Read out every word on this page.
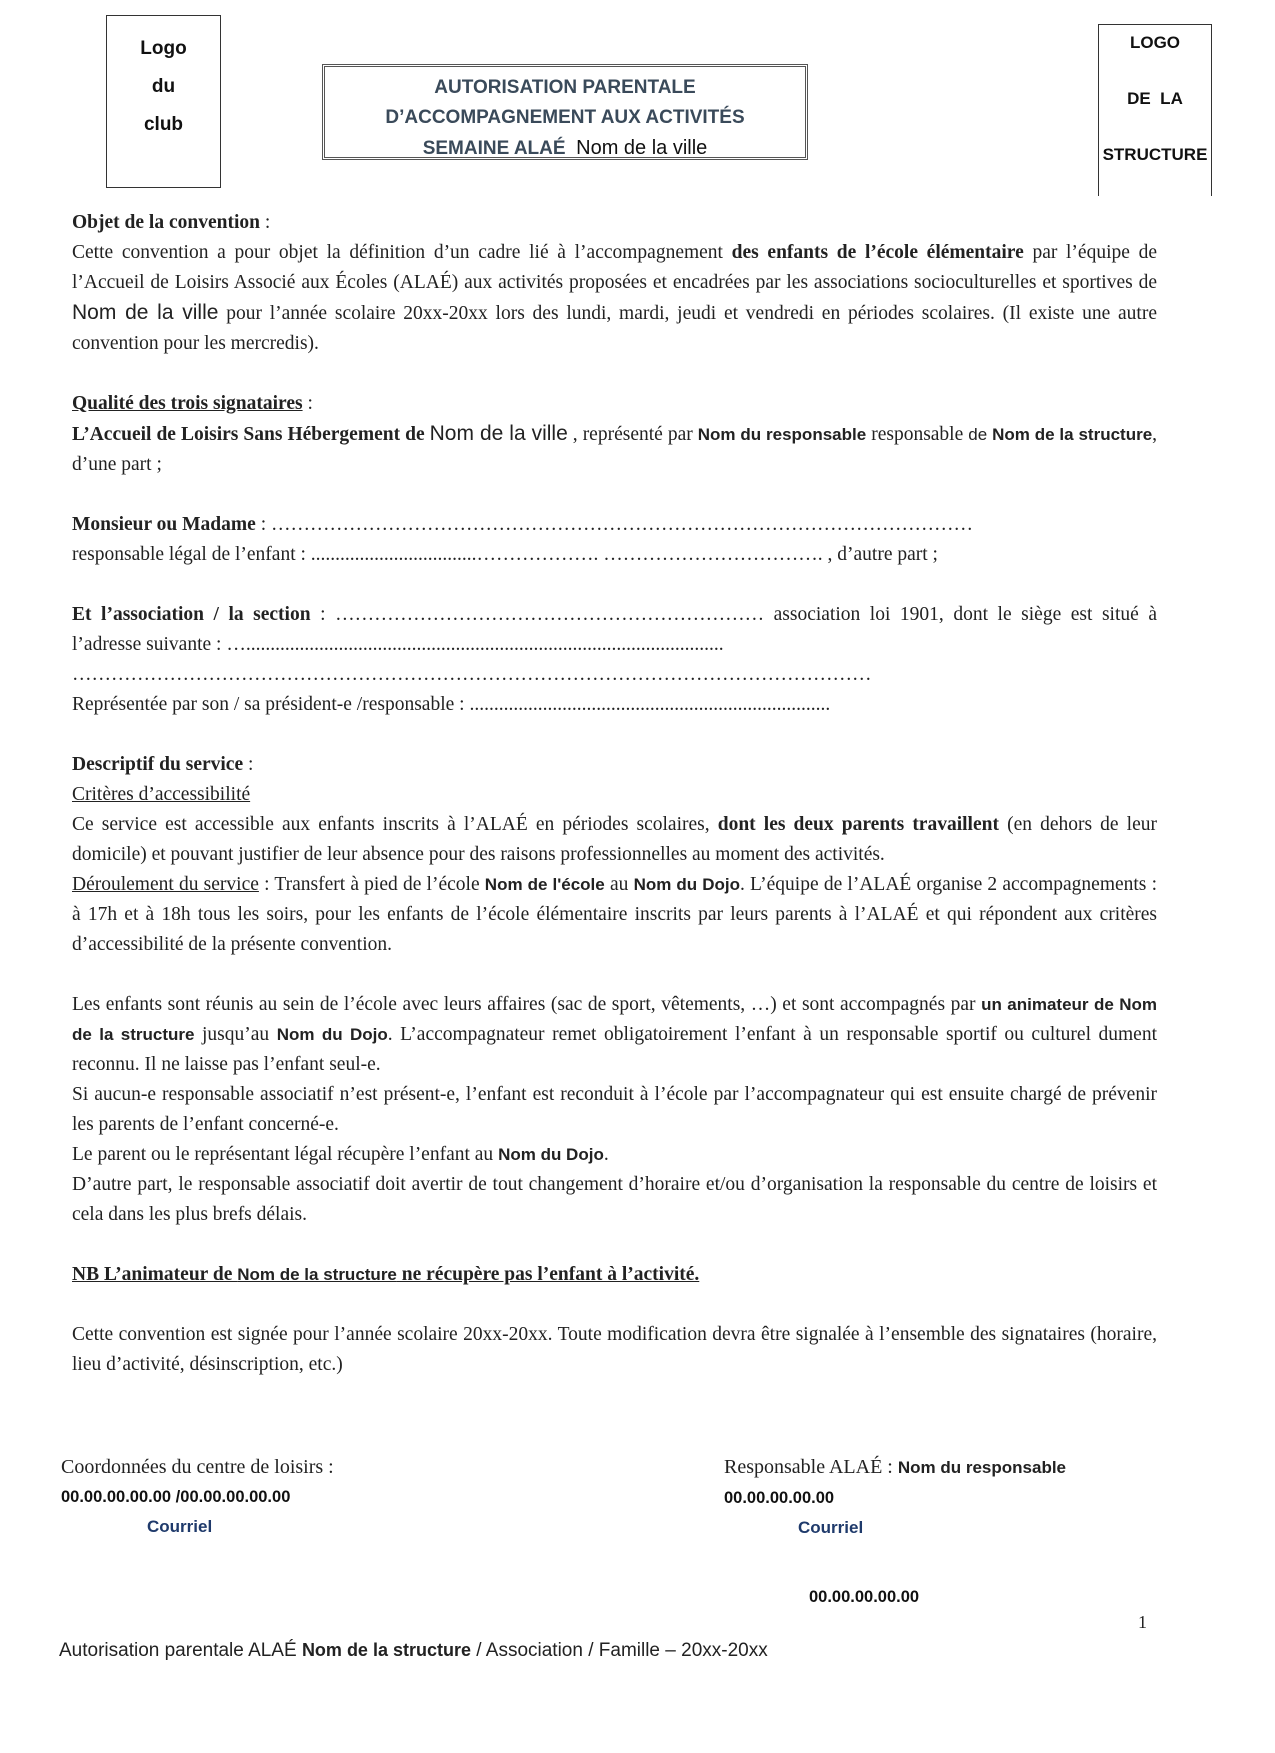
Logo
du
club
AUTORISATION PARENTALE
D’ACCOMPAGNEMENT AUX ACTIVITÉS
SEMAINE ALAÉ Nom de la ville
LOGO
DE  LA
STRUCTURE

Objet de la convention :
Cette convention a pour objet la définition d’un cadre lié à l’accompagnement des enfants de l’école élémentaire par l’équipe de l’Accueil de Loisirs Associé aux Écoles (ALAÉ) aux activités proposées et encadrées par les associations socioculturelles et sportives de Nom de la ville pour l’année scolaire 20xx-20xx lors des lundi, mardi, jeudi et vendredi en périodes scolaires. (Il existe une autre convention pour les mercredis).

Qualité des trois signataires :
L’Accueil de Loisirs Sans Hébergement de Nom de la ville , représenté par Nom du responsable responsable de Nom de la structure, d’une part ;

Monsieur ou Madame : ………………………………………………………………………………………………
responsable légal de l’enfant : ..................................………………. ……………………………. , d’autre part ;

Et l’association / la section : ………………………………………………………… association loi 1901, dont le siège est situé à l’adresse suivante : …..................................................................................................
……………………………………………………………………………………………………………
Représentée par son / sa président-e /responsable : ..........................................................................

Descriptif du service :
Critères d’accessibilité
Ce service est accessible aux enfants inscrits à l’ALAÉ en périodes scolaires, dont les deux parents travaillent (en dehors de leur domicile) et pouvant justifier de leur absence pour des raisons professionnelles au moment des activités.
Déroulement du service : Transfert à pied de l’école Nom de l'école au Nom du Dojo. L’équipe de l’ALAÉ organise 2 accompagnements : à 17h et à 18h tous les soirs, pour les enfants de l’école élémentaire inscrits par leurs parents à l’ALAÉ et qui répondent aux critères d’accessibilité de la présente convention.

Les enfants sont réunis au sein de l’école avec leurs affaires (sac de sport, vêtements, …) et sont accompagnés par un animateur de Nom de la structure jusqu’au Nom du Dojo. L’accompagnateur remet obligatoirement l’enfant à un responsable sportif ou culturel dument reconnu. Il ne laisse pas l’enfant seul-e.

Si aucun-e responsable associatif n’est présent-e, l’enfant est reconduit à l’école par l’accompagnateur qui est ensuite chargé de prévenir les parents de l’enfant concerné-e.

Le parent ou le représentant légal récupère l’enfant au Nom du Dojo.

D’autre part, le responsable associatif doit avertir de tout changement d’horaire et/ou d’organisation la responsable du centre de loisirs et cela dans les plus brefs délais.

NB L’animateur de Nom de la structure ne récupère pas l’enfant à l’activité.

Cette convention est signée pour l’année scolaire 20xx-20xx. Toute modification devra être signalée à l’ensemble des signataires (horaire, lieu d’activité, désinscription, etc.)

Coordonnées du centre de loisirs :
00.00.00.00.00 /00.00.00.00.00
Courriel
Responsable ALAÉ : Nom du responsable
00.00.00.00.00
Courriel
00.00.00.00.00
1
Autorisation parentale ALAÉ Nom de la structure / Association / Famille – 20xx-20xx
